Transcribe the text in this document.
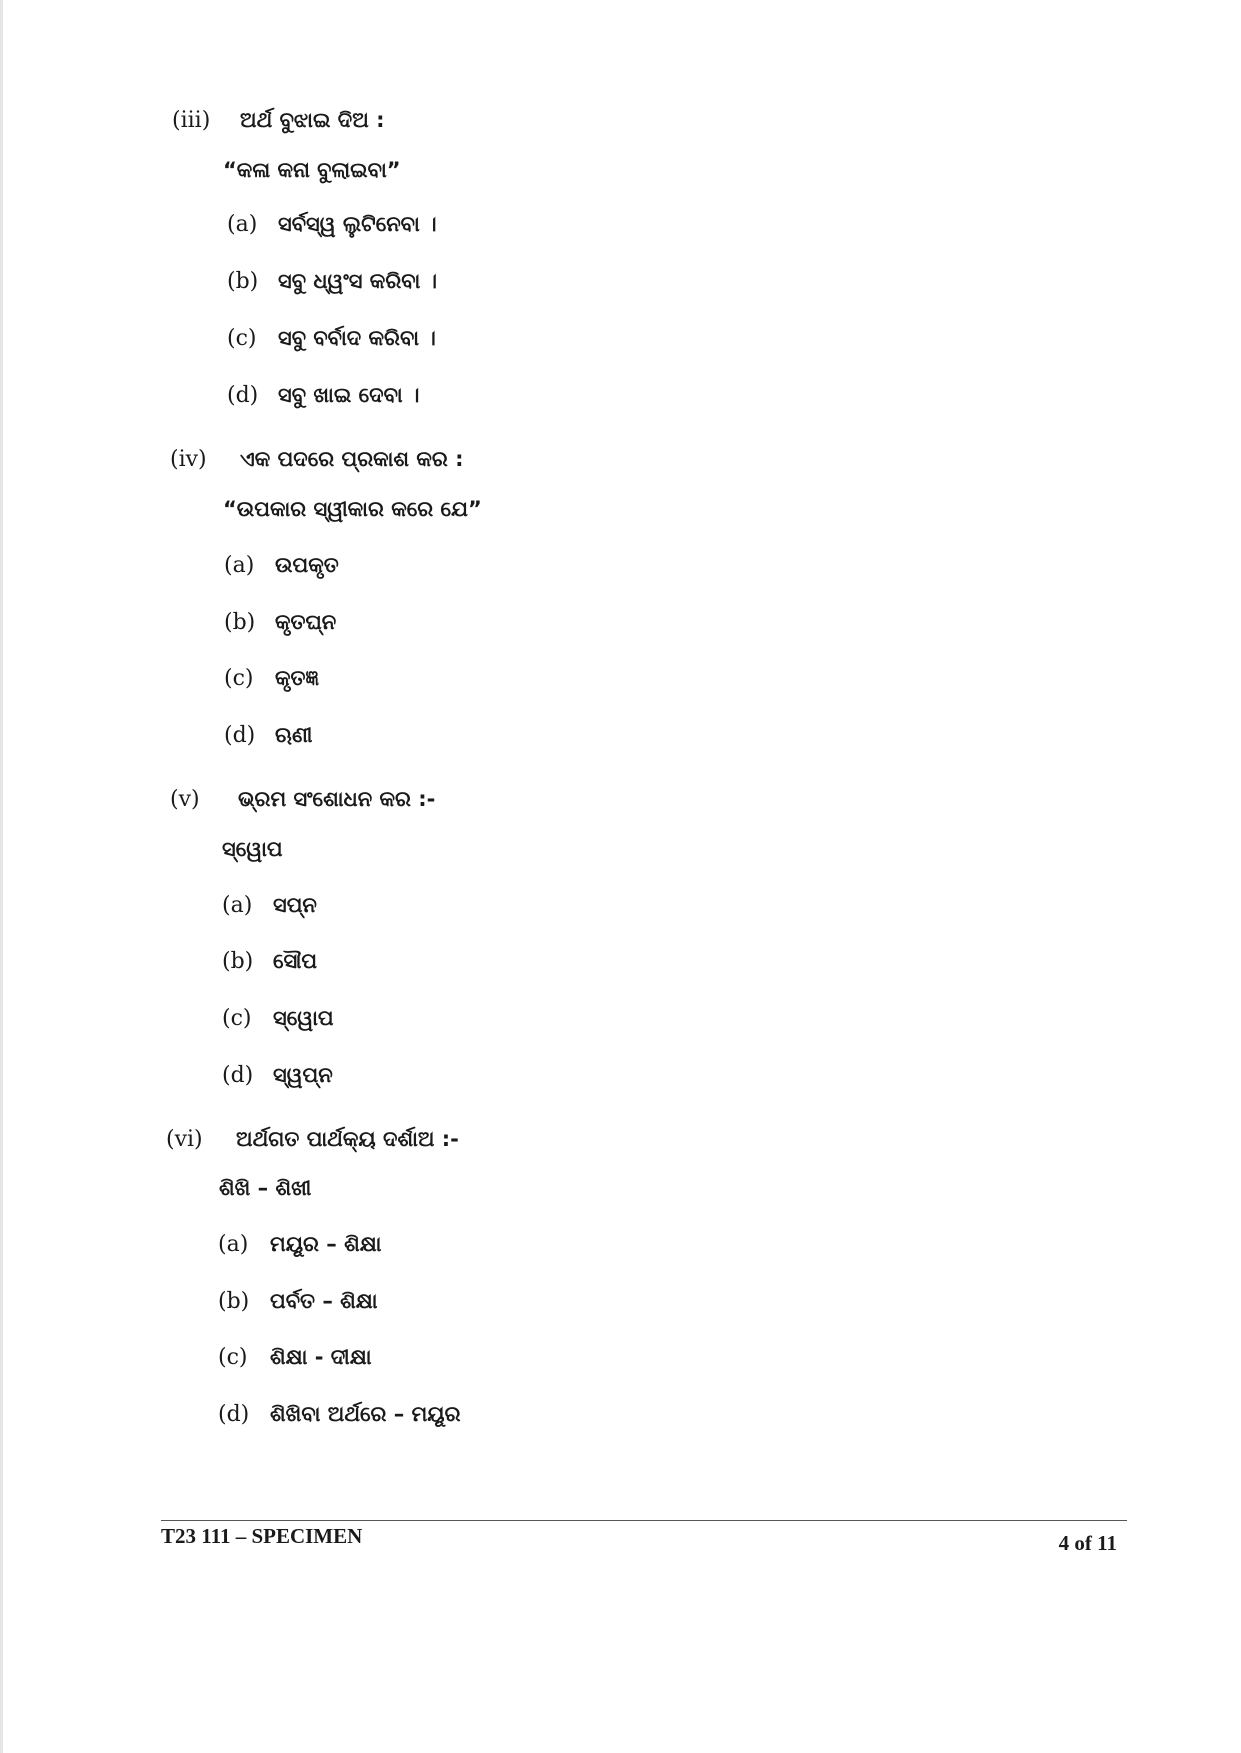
(iii) ଅର୍ଥ ବୁଝାଇ ଦିଅ :
“କଳା କନା ବୁଲାଇବା”
(a) ସର୍ବସ୍ୱ ଲୁଟିନେବା ।
(b) ସବୁ ଧ୍ୱଂସ କରିବା ।
(c) ସବୁ ବର୍ବାଦ କରିବା ।
(d) ସବୁ ଖାଇ ଦେବା ।
(iv) ଏକ ପଦରେ ପ୍ରକାଶ କର :
“ଉପକାର ସ୍ୱୀକାର କରେ ଯେ”
(a) ଉପକୃତ
(b) କୃତଘ୍ନ
(c) କୃତଜ୍ଞ
(d) ଋଣୀ
(v) ଭ୍ରମ ସଂଶୋଧନ କର :-
ସ୍ୱୋପ
(a) ସପ୍ନ
(b) ସୌପ
(c) ସ୍ୱୋପ
(d) ସ୍ୱପ୍ନ
(vi) ଅର୍ଥଗତ ପାର୍ଥକ୍ୟ ଦର୍ଶାଅ :-
ଶିଖି – ଶିଖୀ
(a) ମୟୂର – ଶିକ୍ଷା
(b) ପର୍ବତ – ଶିକ୍ଷା
(c) ଶିକ୍ଷା - ଦୀକ୍ଷା
(d) ଶିଖିବା ଅର୍ଥରେ – ମୟୂର
T23 111 – SPECIMEN	4 of 11
